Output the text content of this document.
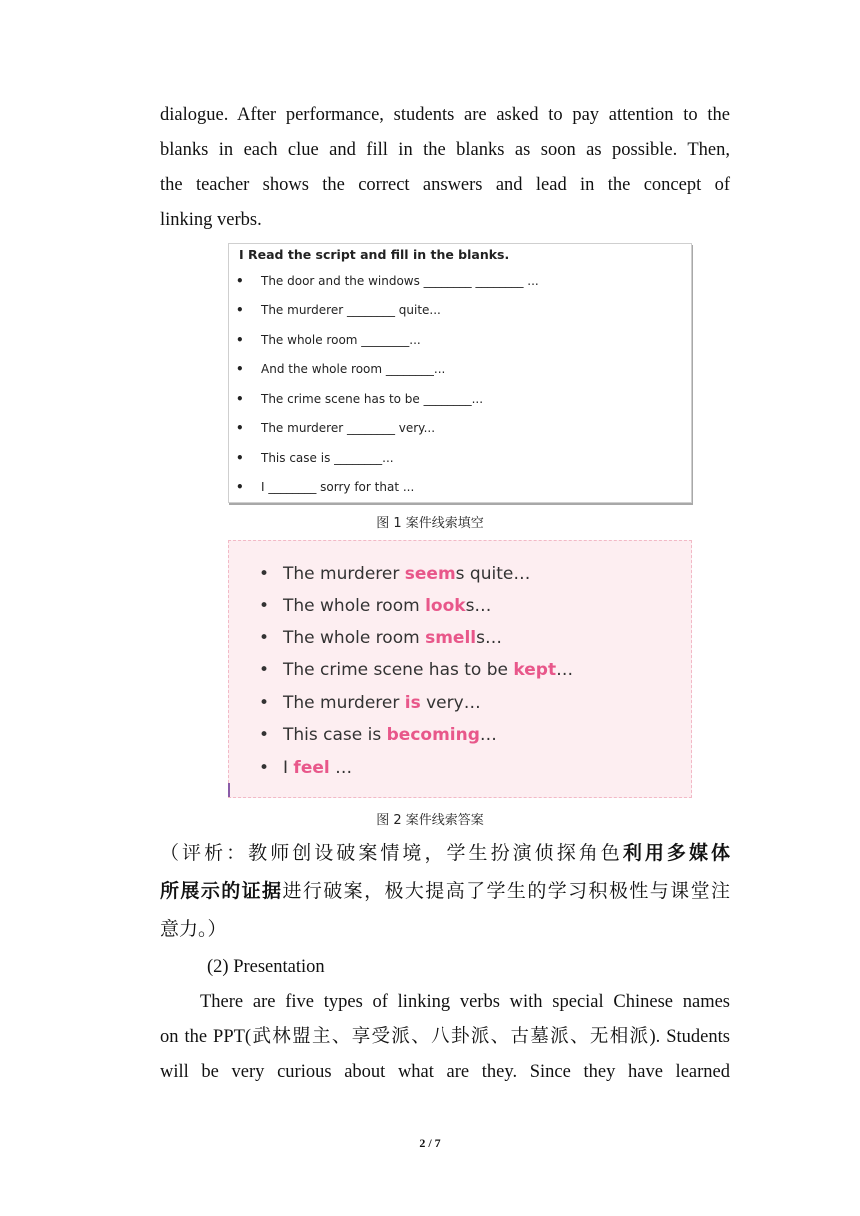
dialogue. After performance, students are asked to pay attention to the
blanks in each clue and fill in the blanks as soon as possible. Then,
the teacher shows the correct answers and lead in the concept of
linking verbs.
I Read the script and fill in the blanks.
• The door and the windows ________ ________ ...
• The murderer ________ quite...
• The whole room ________...
• And the whole room ________...
• The crime scene has to be ________...
• The murderer ________ very...
• This case is ________...
• I ________ sorry for that ...
图 1 案件线索填空
• The murderer seems quite…
• The whole room looks…
• The whole room smells…
• The crime scene has to be kept…
• The murderer is very…
• This case is becoming…
• I feel …
图 2 案件线索答案
（评析：教师创设破案情境，学生扮演侦探角色利用多媒体
所展示的证据进行破案，极大提高了学生的学习积极性与课堂注
意力。）
(2) Presentation
There are five types of linking verbs with special Chinese names
on the PPT(武林盟主、享受派、八卦派、古墓派、无相派). Students
will be very curious about what are they. Since they have learned
2 / 7
